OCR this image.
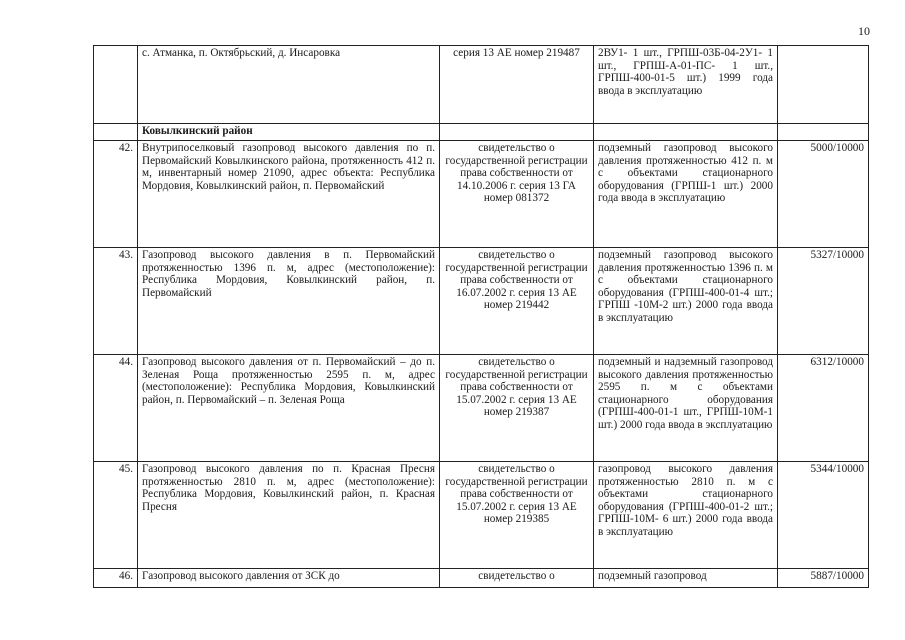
10
	с. Атманка, п. Октябрьский, д. Инсаровка	серия 13 АЕ номер 219487	2ВУ1- 1 шт., ГРПШ-03Б-04-2У1- 1 шт., ГРПШ-А-01-ПС- 1 шт., ГРПШ-400-01-5 шт.) 1999 года ввода в эксплуатацию	
	Ковылкинский район			
42.	Внутрипоселковый газопровод высокого давления по п. Первомайский Ковылкинского района, протяженность 412 п. м, инвентарный номер 21090, адрес объекта: Республика Мордовия, Ковылкинский район, п. Первомайский	свидетельство о государственной регистрации права собственности от 14.10.2006 г. серия 13 ГА номер 081372	подземный газопровод высокого давления протяженностью 412 п. м с объектами стационарного оборудования (ГРПШ-1 шт.) 2000 года ввода в эксплуатацию	5000/10000
43.	Газопровод высокого давления в п. Первомайский протяженностью 1396 п. м, адрес (местоположение): Республика Мордовия, Ковылкинский район, п. Первомайский	свидетельство о государственной регистрации права собственности от 16.07.2002 г. серия 13 АЕ номер 219442	подземный газопровод высокого давления протяженностью 1396 п. м с объектами стационарного оборудования (ГРПШ-400-01-4 шт.; ГРПШ -10М-2 шт.) 2000 года ввода в эксплуатацию	5327/10000
44.	Газопровод высокого давления от п. Первомайский – до п. Зеленая Роща протяженностью 2595 п. м, адрес (местоположение): Республика Мордовия, Ковылкинский район, п. Первомайский – п. Зеленая Роща	свидетельство о государственной регистрации права собственности от 15.07.2002 г. серия 13 АЕ номер 219387	подземный и надземный газопровод высокого давления протяженностью 2595 п. м с объектами стационарного оборудования (ГРПШ-400-01-1 шт., ГРПШ-10М-1 шт.) 2000 года ввода в эксплуатацию	6312/10000
45.	Газопровод высокого давления по п. Красная Пресня протяженностью 2810 п. м, адрес (местоположение): Республика Мордовия, Ковылкинский район, п. Красная Пресня	свидетельство о государственной регистрации права собственности от 15.07.2002 г. серия 13 АЕ номер 219385	газопровод высокого давления протяженностью 2810 п. м с объектами стационарного оборудования (ГРПШ-400-01-2 шт.; ГРПШ-10М- 6 шт.) 2000 года ввода в эксплуатацию	5344/10000
46.	Газопровод высокого давления от ЗСК до	свидетельство о	подземный газопровод	5887/10000
